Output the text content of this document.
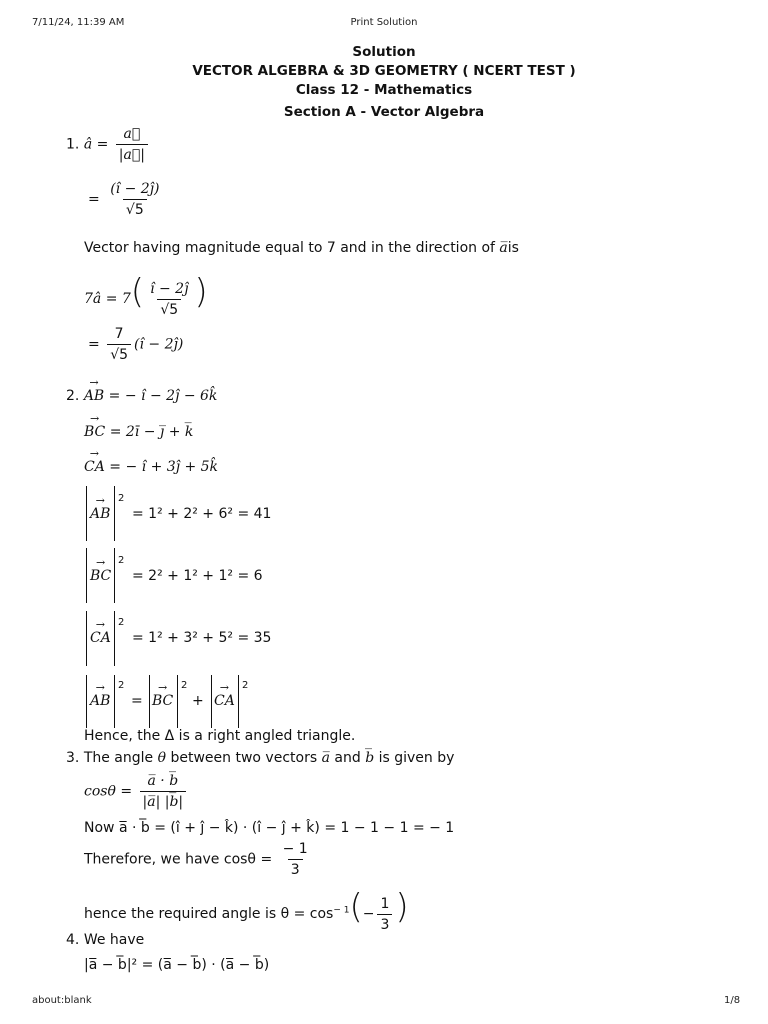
7/11/24, 11:39 AM	Print Solution
about:blank	1/8
Solution
VECTOR ALGEBRA & 3D GEOMETRY ( NCERT TEST )
Class 12 - Mathematics
Section A - Vector Algebra
1. â = $\frac{a⃗}{|a⃗|}$
= $\frac{(î - 2ĵ)}{√5}$
Vector having magnitude equal to 7 and in the direction of a̅is
7â = $7( \frac{î - 2ĵ}{√5}$ )
= $\frac{7}{√5}$ (î − 2ĵ)
2.
→
AB = − î − 2ĵ − 6k̂
→
BC = 2ī − j̅ + k̅
→
CA = − î + 3ĵ + 5k̂
→
AB
2
= 1² + 2² + 6² = 41
→
BC
2
= 2² + 1² + 1² = 6
→
CA
2
= 1² + 3² + 5² = 35
→
AB
2
=
→
BC
2
+
→
CA
2
Hence, the Δ is a right angled triangle.
3. The angle θ between two vectors a̅ and b̅ is given by
$\cos\theta = \frac{a̅ \cdot b̅}{|a̅| |b̅|}$
Now a̅ · b̅ = (î + ĵ − k̂) · (î − ĵ + k̂) = 1 − 1 − 1 = − 1
Therefore, we have $\cos\theta = \frac{- 1}{3}$
hence the required angle is $\theta = \cos^{- 1}(- \frac{1}{3}$ )
4. We have
|a̅ − b̅|² = (a̅ − b̅) · (a̅ − b̅)
